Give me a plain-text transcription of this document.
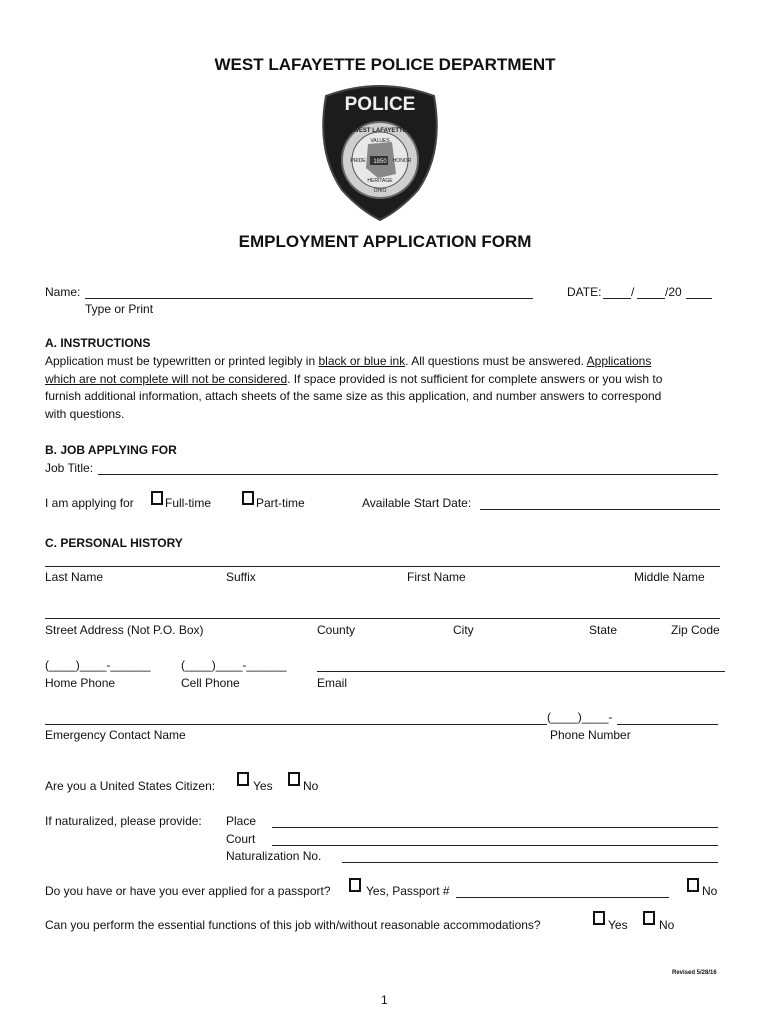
WEST LAFAYETTE POLICE DEPARTMENT
POLICE
1850
WEST LAFAYETTE
VALUES
PRIDE	HONOR
HERITAGE
OHIO
EMPLOYMENT APPLICATION FORM
Name:
Type or Print
DATE: /	/20
A. INSTRUCTIONS
Application must be typewritten or printed legibly in black or blue ink. All questions must be answered. Applications
which are not complete will not be considered. If space provided is not sufficient for complete answers or you wish to
furnish additional information, attach sheets of the same size as this application, and number answers to correspond
with questions.
B. JOB APPLYING FOR
Job Title:
I am applying for	Full-time	Part-time	Available Start Date:
C. PERSONAL HISTORY
Last Name	Suffix	First Name	Middle Name
Street Address (Not P.O. Box)	County	City	State	Zip Code
(____)____-______	(____)____-______
Home Phone	Cell Phone	Email
(____)____-
Emergency Contact Name	Phone Number
Are you a United States Citizen:	Yes	No
If naturalized, please provide: Place
Court
Naturalization No.
Do you have or have you ever applied for a passport?	Yes, Passport #	No
Can you perform the essential functions of this job with/without reasonable accommodations?	Yes	No
Revised 5/28/16
1
